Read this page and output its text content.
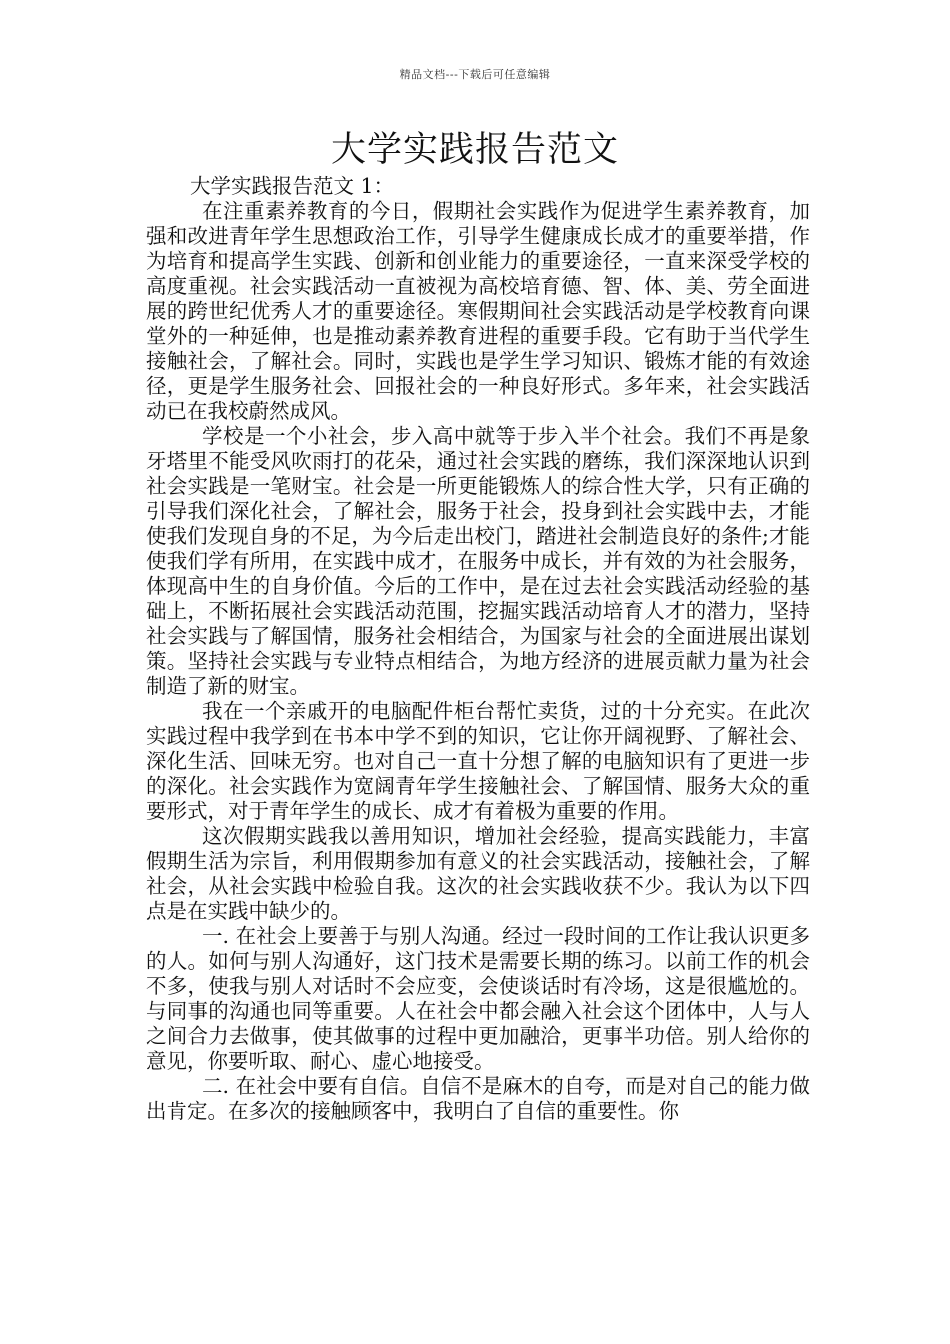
精品文档---下载后可任意编辑
大学实践报告范文

大学实践报告范文 1：

在注重素养教育的今日，假期社会实践作为促进学生素养教育，加强和改进青年学生思想政治工作，引导学生健康成长成才的重要举措，作为培育和提高学生实践、创新和创业能力的重要途径，一直来深受学校的高度重视。社会实践活动一直被视为高校培育德、智、体、美、劳全面进展的跨世纪优秀人才的重要途径。寒假期间社会实践活动是学校教育向课堂外的一种延伸，也是推动素养教育进程的重要手段。它有助于当代学生接触社会，了解社会。同时，实践也是学生学习知识、锻炼才能的有效途径，更是学生服务社会、回报社会的一种良好形式。多年来，社会实践活动已在我校蔚然成风。

学校是一个小社会，步入高中就等于步入半个社会。我们不再是象牙塔里不能受风吹雨打的花朵，通过社会实践的磨练，我们深深地认识到社会实践是一笔财宝。社会是一所更能锻炼人的综合性大学，只有正确的引导我们深化社会，了解社会，服务于社会，投身到社会实践中去，才能使我们发现自身的不足，为今后走出校门，踏进社会制造良好的条件;才能使我们学有所用，在实践中成才，在服务中成长，并有效的为社会服务，体现高中生的自身价值。今后的工作中，是在过去社会实践活动经验的基础上，不断拓展社会实践活动范围，挖掘实践活动培育人才的潜力，坚持社会实践与了解国情，服务社会相结合，为国家与社会的全面进展出谋划策。坚持社会实践与专业特点相结合，为地方经济的进展贡献力量为社会制造了新的财宝。

我在一个亲戚开的电脑配件柜台帮忙卖货，过的十分充实。在此次实践过程中我学到在书本中学不到的知识，它让你开阔视野、了解社会、深化生活、回味无穷。也对自己一直十分想了解的电脑知识有了更进一步的深化。社会实践作为宽阔青年学生接触社会、了解国情、服务大众的重要形式，对于青年学生的成长、成才有着极为重要的作用。

这次假期实践我以善用知识，增加社会经验，提高实践能力，丰富假期生活为宗旨，利用假期参加有意义的社会实践活动，接触社会，了解社会，从社会实践中检验自我。这次的社会实践收获不少。我认为以下四点是在实践中缺少的。

一. 在社会上要善于与别人沟通。经过一段时间的工作让我认识更多的人。如何与别人沟通好，这门技术是需要长期的练习。以前工作的机会不多，使我与别人对话时不会应变，会使谈话时有冷场，这是很尴尬的。与同事的沟通也同等重要。人在社会中都会融入社会这个团体中，人与人之间合力去做事，使其做事的过程中更加融洽，更事半功倍。别人给你的意见，你要听取、耐心、虚心地接受。

二. 在社会中要有自信。自信不是麻木的自夸，而是对自己的能力做出肯定。在多次的接触顾客中，我明白了自信的重要性。你
